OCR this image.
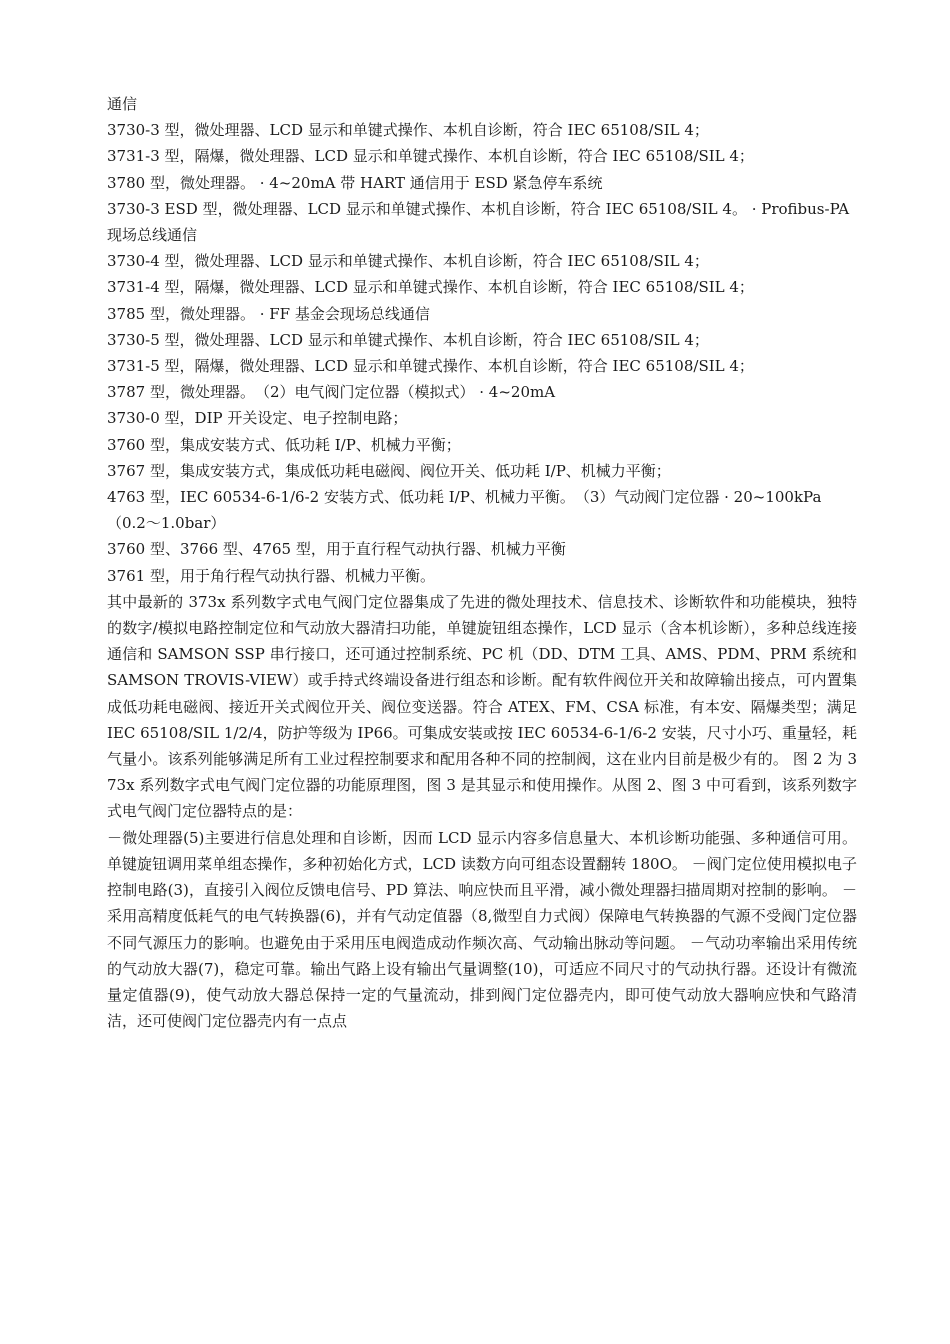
通信
3730-3 型，微处理器、LCD 显示和单键式操作、本机自诊断，符合 IEC 65108/SIL 4；
3731-3 型，隔爆，微处理器、LCD 显示和单键式操作、本机自诊断，符合 IEC 65108/SIL 4；
3780 型，微处理器。 · 4~20mA 带 HART 通信用于 ESD 紧急停车系统
3730-3 ESD 型，微处理器、LCD 显示和单键式操作、本机自诊断，符合 IEC 65108/SIL 4。 · Profibus-PA
现场总线通信
3730-4 型，微处理器、LCD 显示和单键式操作、本机自诊断，符合 IEC 65108/SIL 4；
3731-4 型，隔爆，微处理器、LCD 显示和单键式操作、本机自诊断，符合 IEC 65108/SIL 4；
3785 型，微处理器。 · FF 基金会现场总线通信
3730-5 型，微处理器、LCD 显示和单键式操作、本机自诊断，符合 IEC 65108/SIL 4；
3731-5 型，隔爆，微处理器、LCD 显示和单键式操作、本机自诊断，符合 IEC 65108/SIL 4；
3787 型，微处理器。　（2）电气阀门定位器（模拟式） · 4~20mA
3730-0 型，DIP 开关设定、电子控制电路；
3760 型，集成安装方式、低功耗 I/P、机械力平衡；
3767 型，集成安装方式，集成低功耗电磁阀、阀位开关、低功耗 I/P、机械力平衡；
4763 型，IEC 60534-6-1/6-2 安装方式、低功耗 I/P、机械力平衡。　（3）气动阀门定位器 · 20~100kPa
（0.2～1.0bar）
3760 型、3766 型、4765 型，用于直行程气动执行器、机械力平衡
3761 型，用于角行程气动执行器、机械力平衡。
其中最新的 373x 系列数字式电气阀门定位器集成了先进的微处理技术、信息技术、诊断软件和功能模块，独特的数字/模拟电路控制定位和气动放大器清扫功能，单键旋钮组态操作，LCD 显示（含本机诊断），多种总线连接通信和 SAMSON SSP 串行接口，还可通过控制系统、PC 机（DD、DTM 工具、AMS、PDM、PRM 系统和 SAMSON TROVIS-VIEW）或手持式终端设备进行组态和诊断。配有软件阀位开关和故障输出接点，可内置集成低功耗电磁阀、接近开关式阀位开关、阀位变送器。符合 ATEX、FM、CSA 标准，有本安、隔爆类型；满足 IEC 65108/SIL 1/2/4，防护等级为 IP66。可集成安装或按 IEC 60534-6-1/6-2 安装，尺寸小巧、重量轻，耗气量小。该系列能够满足所有工业过程控制要求和配用各种不同的控制阀，这在业内目前是极少有的。 图 2 为 373x 系列数字式电气阀门定位器的功能原理图，图 3 是其显示和使用操作。从图 2、图 3 中可看到，该系列数字式电气阀门定位器特点的是：
－微处理器(5)主要进行信息处理和自诊断，因而 LCD 显示内容多信息量大、本机诊断功能强、多种通信可用。单键旋钮调用菜单组态操作，多种初始化方式，LCD 读数方向可组态设置翻转 180O。 －阀门定位使用模拟电子控制电路(3)，直接引入阀位反馈电信号、PD 算法、响应快而且平滑，减小微处理器扫描周期对控制的影响。 －采用高精度低耗气的电气转换器(6)，并有气动定值器（8,微型自力式阀）保障电气转换器的气源不受阀门定位器不同气源压力的影响。也避免由于采用压电阀造成动作频次高、气动输出脉动等问题。 －气动功率输出采用传统的气动放大器(7)，稳定可靠。输出气路上设有输出气量调整(10)，可适应不同尺寸的气动执行器。还设计有微流量定值器(9)，使气动放大器总保持一定的气量流动，排到阀门定位器壳内，即可使气动放大器响应快和气路清洁，还可使阀门定位器壳内有一点点
